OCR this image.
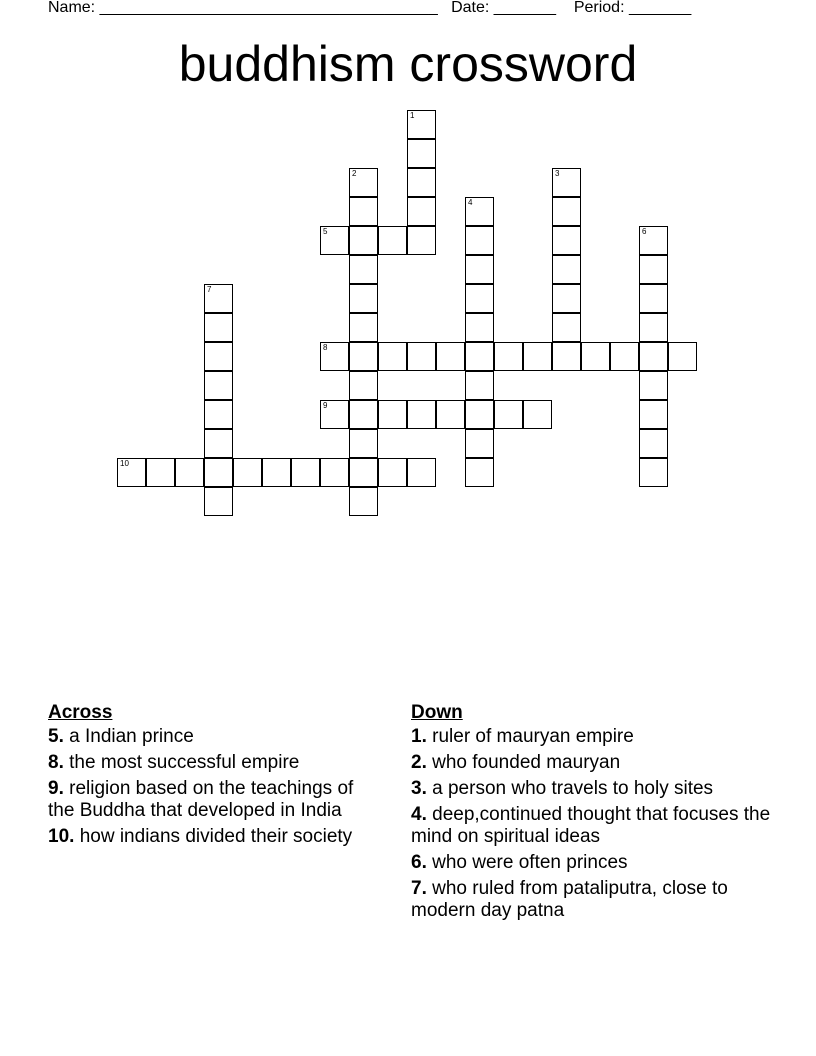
Name: ______________________________________ Date: _______ Period: _______
buddhism crossword
1
2	3
4
5	6
7
8
9
10
Across
5. a Indian prince
8. the most successful empire
9. religion based on the teachings of the Buddha that developed in India
10. how indians divided their society
Down
1. ruler of mauryan empire
2. who founded mauryan
3. a person who travels to holy sites
4. deep,continued thought that focuses the mind on spiritual ideas
6. who were often princes
7. who ruled from pataliputra, close to modern day patna
